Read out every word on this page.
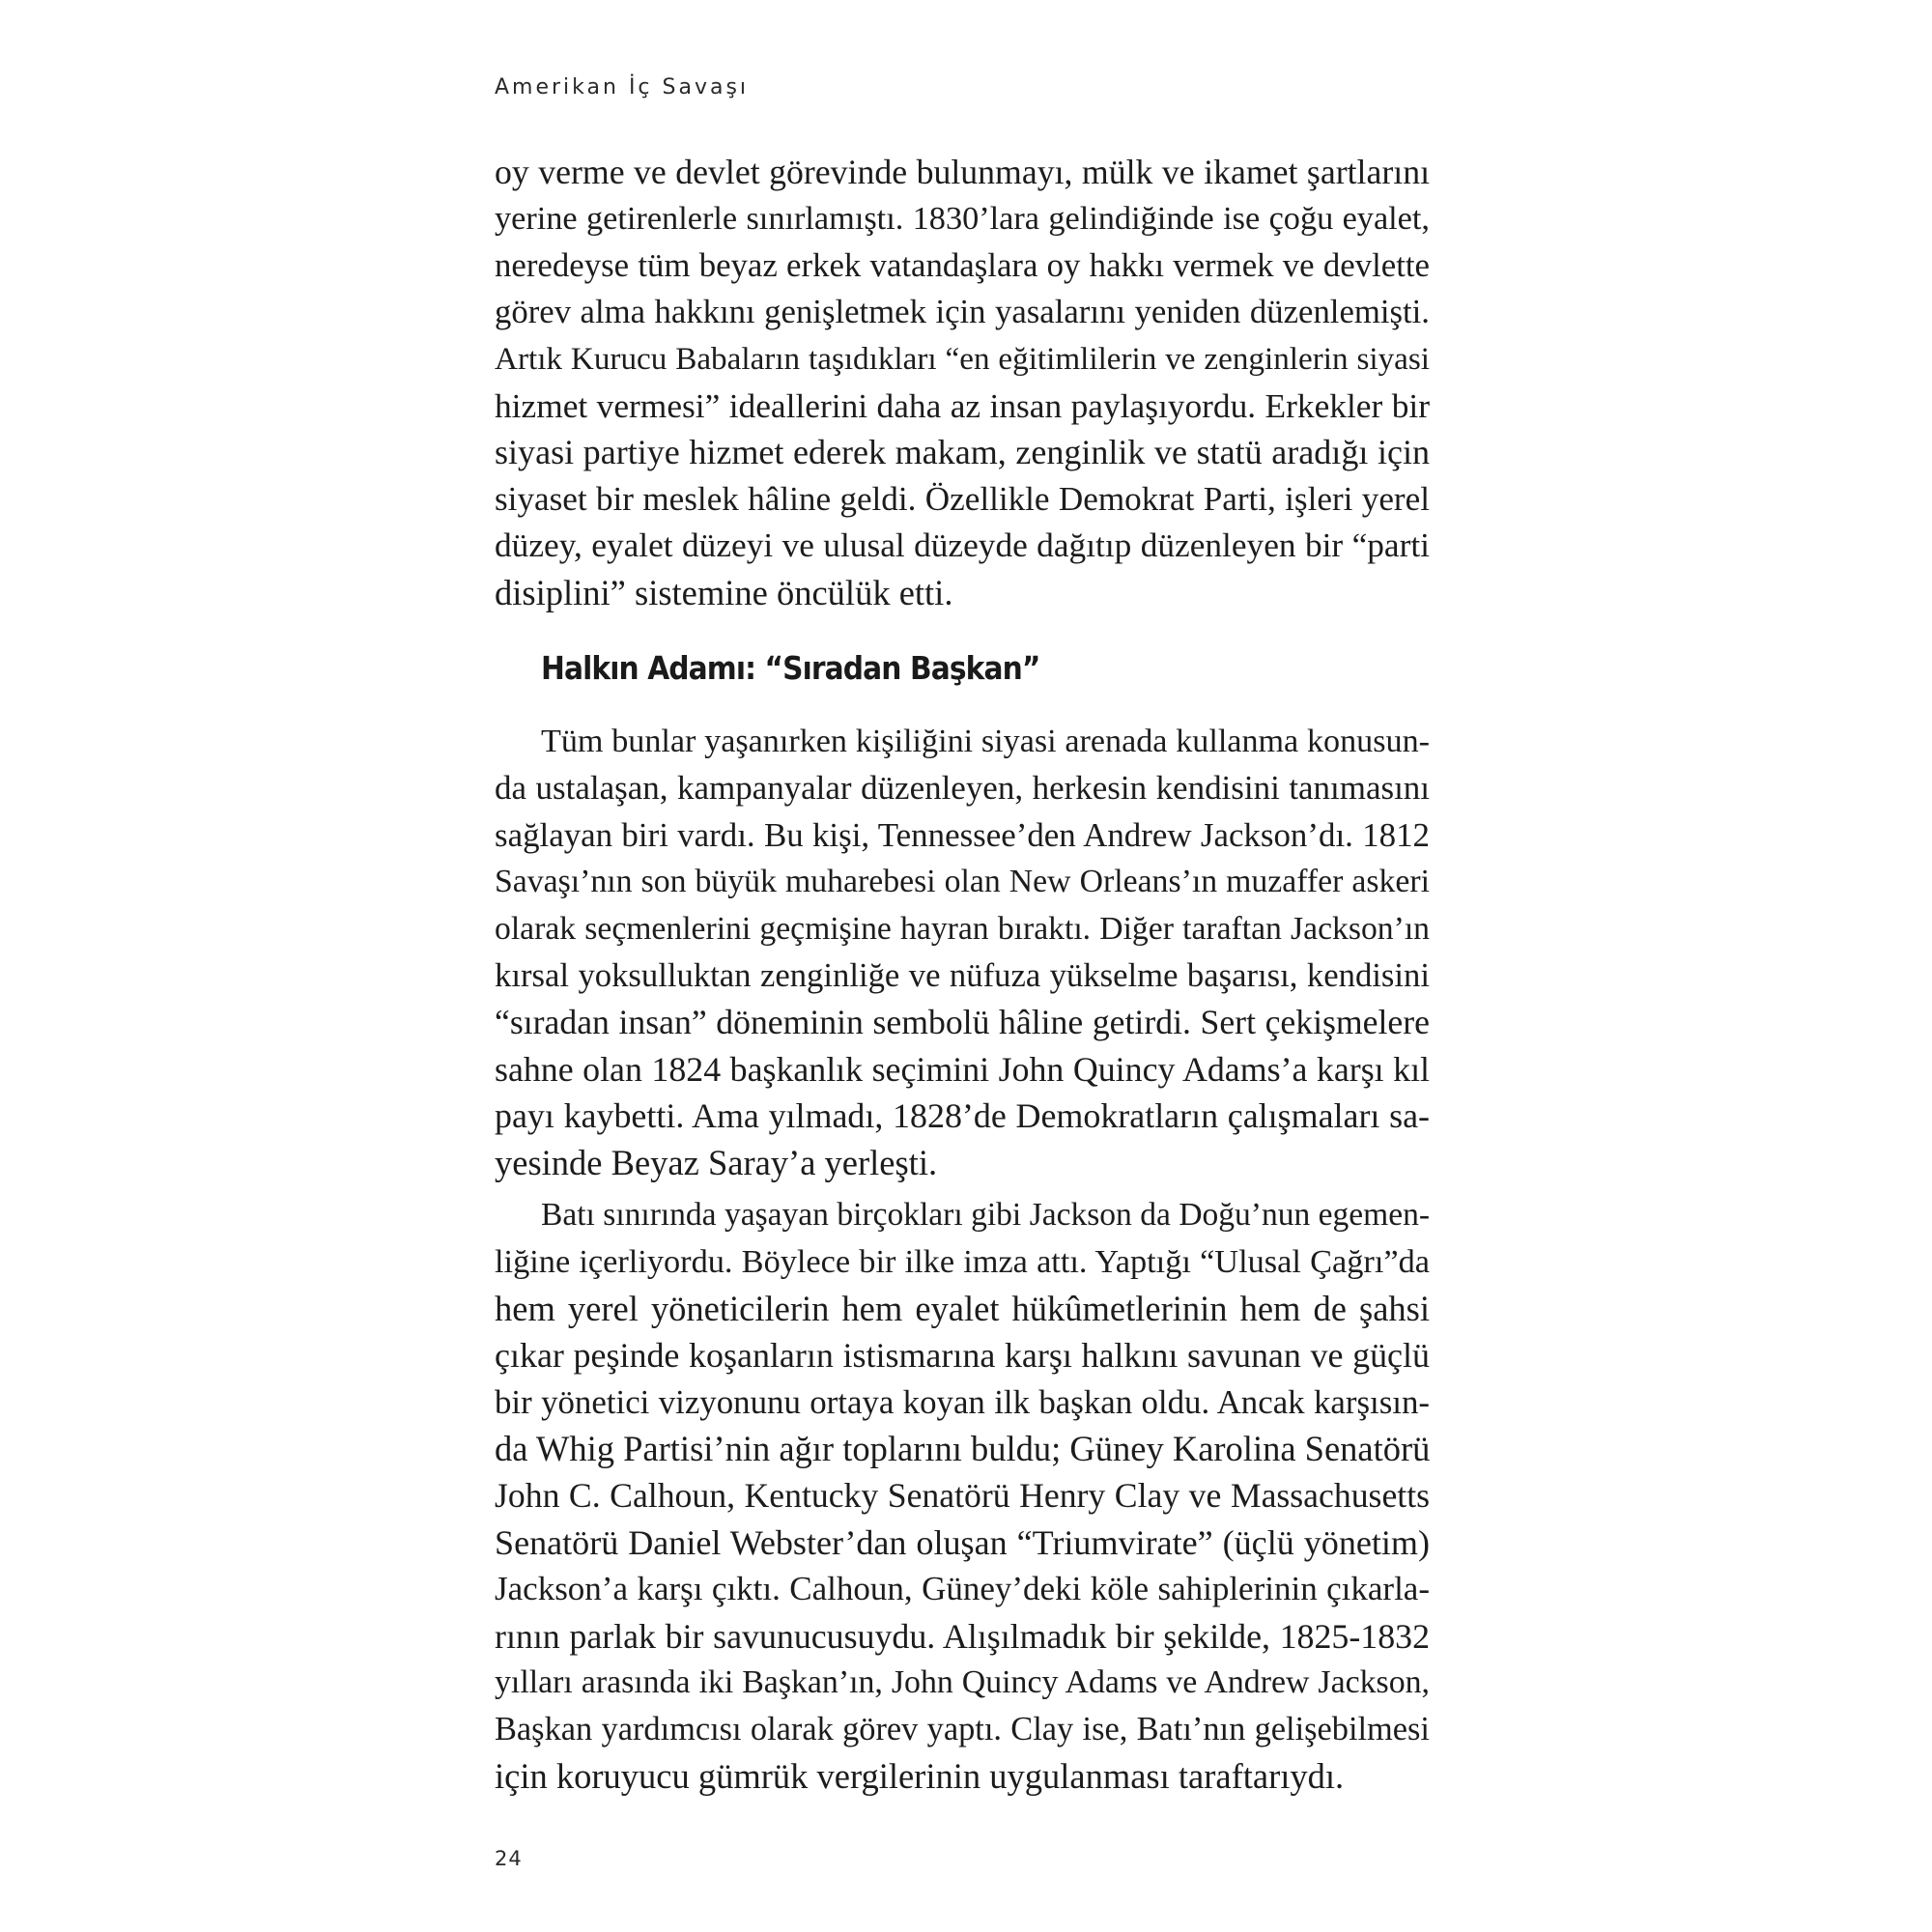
Amerikan İç Savaşı
oy verme ve devlet görevinde bulunmayı, mülk ve ikamet şartlarını
yerine getirenlerle sınırlamıştı. 1830’lara gelindiğinde ise çoğu eyalet,
neredeyse tüm beyaz erkek vatandaşlara oy hakkı vermek ve devlette
görev alma hakkını genişletmek için yasalarını yeniden düzenlemişti.
Artık Kurucu Babaların taşıdıkları “en eğitimlilerin ve zenginlerin siyasi
hizmet vermesi” ideallerini daha az insan paylaşıyordu. Erkekler bir
siyasi partiye hizmet ederek makam, zenginlik ve statü aradığı için
siyaset bir meslek hâline geldi. Özellikle Demokrat Parti, işleri yerel
düzey, eyalet düzeyi ve ulusal düzeyde dağıtıp düzenleyen bir “parti
disiplini” sistemine öncülük etti.
Halkın Adamı: “Sıradan Başkan”
Tüm bunlar yaşanırken kişiliğini siyasi arenada kullanma konusun-
da ustalaşan, kampanyalar düzenleyen, herkesin kendisini tanımasını
sağlayan biri vardı. Bu kişi, Tennessee’den Andrew Jackson’dı. 1812
Savaşı’nın son büyük muharebesi olan New Orleans’ın muzaffer askeri
olarak seçmenlerini geçmişine hayran bıraktı. Diğer taraftan Jackson’ın
kırsal yoksulluktan zenginliğe ve nüfuza yükselme başarısı, kendisini
“sıradan insan” döneminin sembolü hâline getirdi. Sert çekişmelere
sahne olan 1824 başkanlık seçimini John Quincy Adams’a karşı kıl
payı kaybetti. Ama yılmadı, 1828’de Demokratların çalışmaları sa-
yesinde Beyaz Saray’a yerleşti.
Batı sınırında yaşayan birçokları gibi Jackson da Doğu’nun egemen-
liğine içerliyordu. Böylece bir ilke imza attı. Yaptığı “Ulusal Çağrı”da
hem yerel yöneticilerin hem eyalet hükûmetlerinin hem de şahsi
çıkar peşinde koşanların istismarına karşı halkını savunan ve güçlü
bir yönetici vizyonunu ortaya koyan ilk başkan oldu. Ancak karşısın-
da Whig Partisi’nin ağır toplarını buldu; Güney Karolina Senatörü
John C. Calhoun, Kentucky Senatörü Henry Clay ve Massachusetts
Senatörü Daniel Webster’dan oluşan “Triumvirate” (üçlü yönetim)
Jackson’a karşı çıktı. Calhoun, Güney’deki köle sahiplerinin çıkarla-
rının parlak bir savunucusuydu. Alışılmadık bir şekilde, 1825-1832
yılları arasında iki Başkan’ın, John Quincy Adams ve Andrew Jackson,
Başkan yardımcısı olarak görev yaptı. Clay ise, Batı’nın gelişebilmesi
için koruyucu gümrük vergilerinin uygulanması taraftarıydı.
24
